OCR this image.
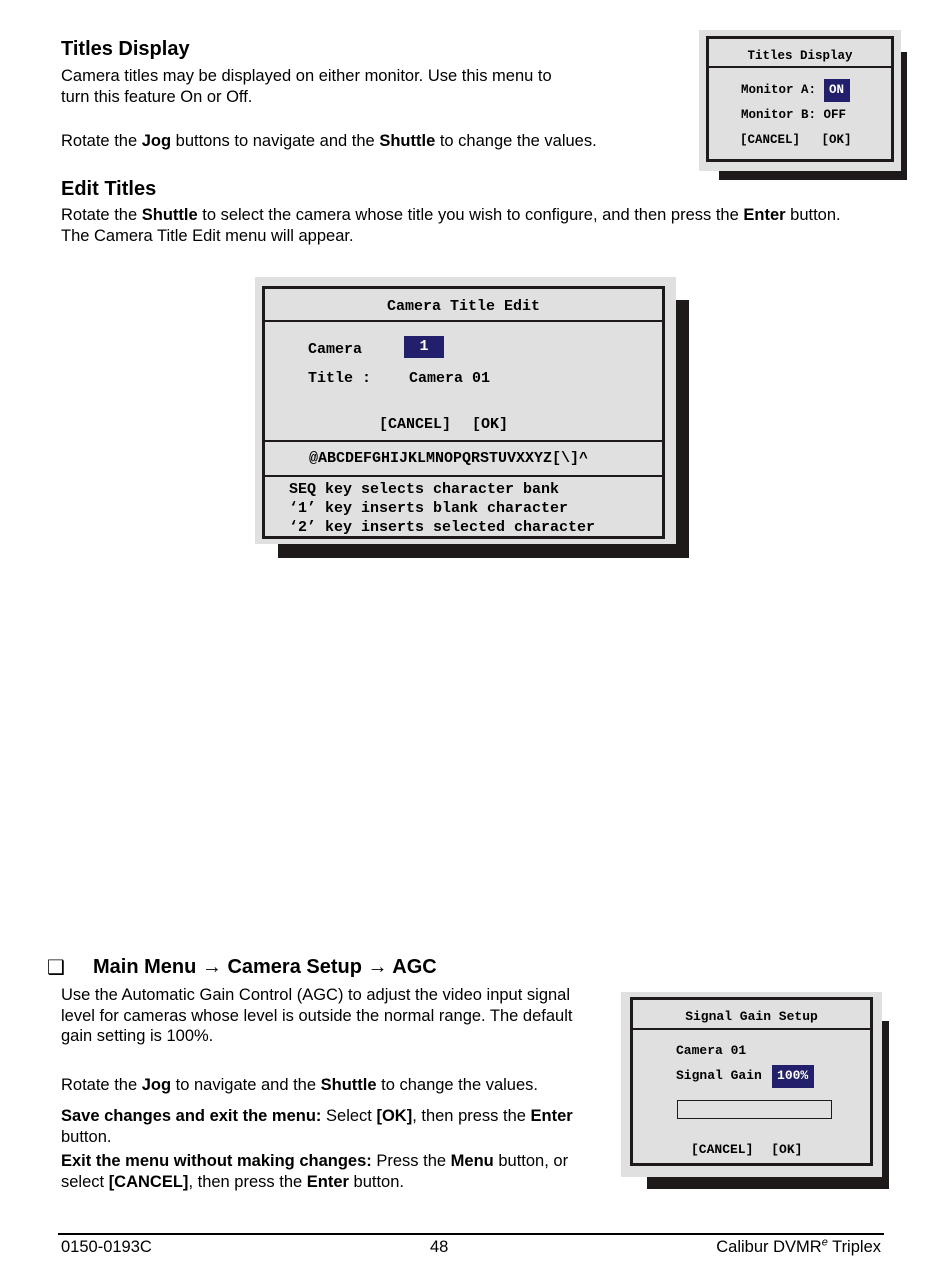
Titles Display

Camera titles may be displayed on either monitor. Use this menu to turn this feature On or Off.

Rotate the Jog buttons to navigate and the Shuttle to change the values.

Titles Display
Monitor A: ON
Monitor B: OFF
[CANCEL] [OK]
Edit Titles

Rotate the Shuttle to select the camera whose title you wish to configure, and then press the Enter button. The Camera Title Edit menu will appear.

Camera Title Edit
Camera	1
Title :	Camera 01
[CANCEL] [OK]
@ABCDEFGHIJKLMNOPQRSTUVXXYZ[\]^
SEQ key selects character bank
‘1’ key inserts blank character
‘2’ key inserts selected character
❑ Main Menu → Camera Setup → AGC

Use the Automatic Gain Control (AGC) to adjust the video input signal level for cameras whose level is outside the normal range. The default gain setting is 100%.

Rotate the Jog to navigate and the Shuttle to change the values.

Save changes and exit the menu: Select [OK], then press the Enter button.

Exit the menu without making changes: Press the Menu button, or select [CANCEL], then press the Enter button.

Signal Gain Setup
Camera 01
Signal Gain 100%
[CANCEL] [OK]
0150-0193C	48	Calibur DVMR$^e$ Triplex
